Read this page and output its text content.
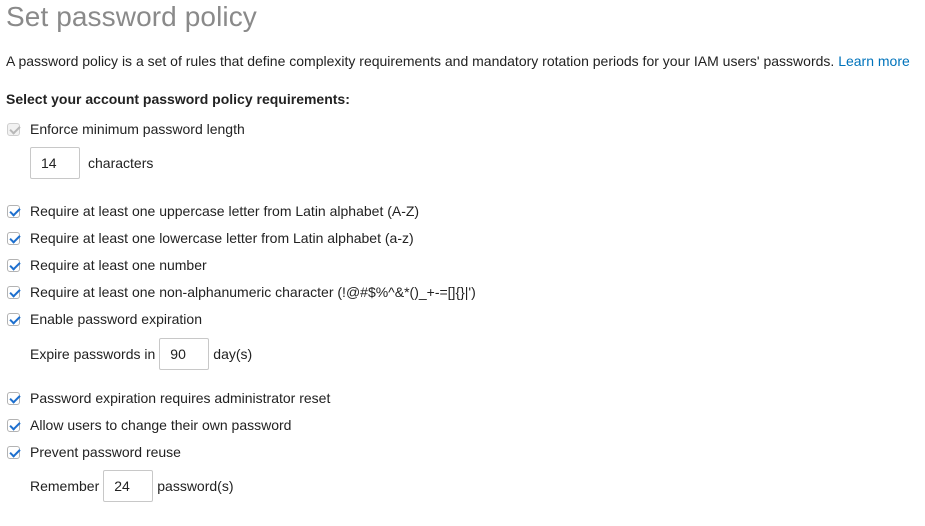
Set password policy
A password policy is a set of rules that define complexity requirements and mandatory rotation periods for your IAM users' passwords. Learn more
Select your account password policy requirements:
Enforce minimum password length
14
characters
Require at least one uppercase letter from Latin alphabet (A-Z)
Require at least one lowercase letter from Latin alphabet (a-z)
Require at least one number
Require at least one non-alphanumeric character (!@#$%^&*()_+-=[]{}|')
Enable password expiration
Expire passwords in
90	day(s)
Password expiration requires administrator reset
Allow users to change their own password
Prevent password reuse
Remember
24	password(s)
